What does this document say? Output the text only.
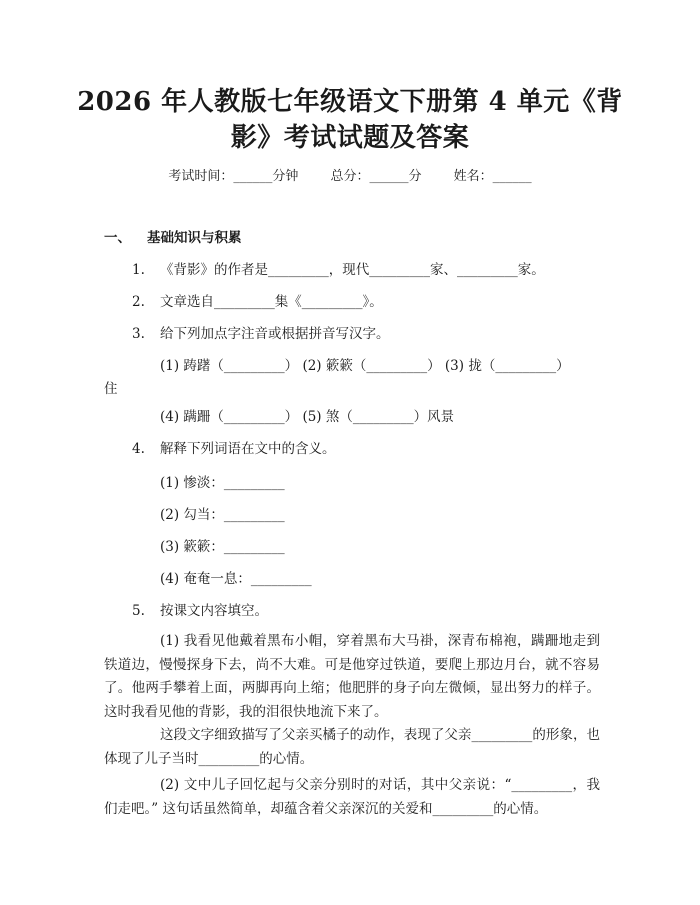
2026 年人教版七年级语文下册第 4 单元《背
影》考试试题及答案
考试时间：______分钟 总分：______分 姓名：______
一、 基础知识与积累
1. 《背影》的作者是_________，现代_________家、_________家。
2. 文章选自_________集《_________》。
3. 给下列加点字注音或根据拼音写汉字。
(1) 踌躇（_________） (2) 簌簌（_________） (3) 拢（_________）
住
(4) 蹒跚（_________） (5) 煞（_________）风景
4. 解释下列词语在文中的含义。
(1) 惨淡：_________
(2) 勾当：_________
(3) 簌簌：_________
(4) 奄奄一息：_________
5. 按课文内容填空。

(1) 我看见他戴着黑布小帽，穿着黑布大马褂，深青布棉袍，蹒跚地走到铁道边，慢慢探身下去，尚不大难。可是他穿过铁道，要爬上那边月台，就不容易了。他两手攀着上面，两脚再向上缩；他肥胖的身子向左微倾，显出努力的样子。这时我看见他的背影，我的泪很快地流下来了。

这段文字细致描写了父亲买橘子的动作，表现了父亲_________的形象，也体现了儿子当时_________的心情。

(2) 文中儿子回忆起与父亲分别时的对话，其中父亲说：“_________，我们走吧。” 这句话虽然简单，却蕴含着父亲深沉的关爱和_________的心情。
